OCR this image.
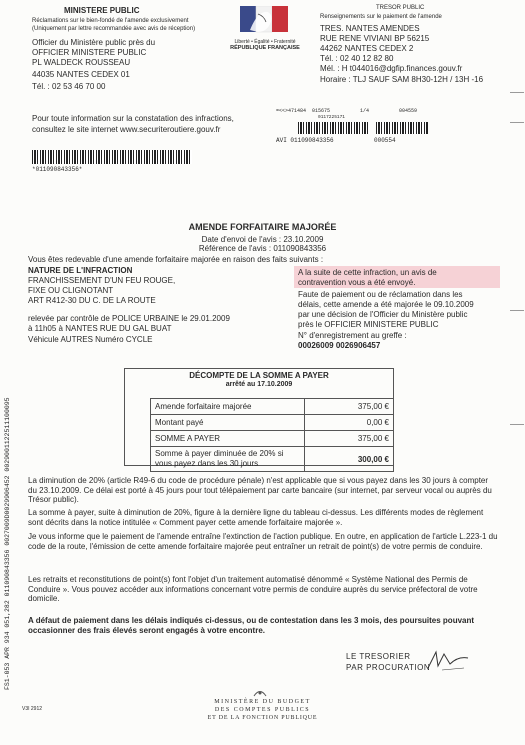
MINISTERE PUBLIC
Réclamations sur le bien-fondé de l'amende exclusivement
(Uniquement par lettre recommandée avec avis de réception)
Officier du Ministère public près du
OFFICIER MINISTERE PUBLIC
PL WALDECK ROUSSEAU
44035 NANTES CEDEX 01
Tél. : 02 53 46 70 00
Liberté • Égalité • Fraternité
RÉPUBLIQUE FRANÇAISE
TRESOR PUBLIC
Renseignements sur le paiement de l'amende
TRES. NANTES AMENDES
RUE RENE VIVIANI BP 56215
44262 NANTES CEDEX 2
Tél. : 02 40 12 82 80
Mél. : H t044016@dgfip.finances.gouv.fr
Horaire : TLJ SAUF SAM 8H30-12H / 13H -16
Pour toute information sur la constatation des infractions,
consultez le site internet www.securiteroutiere.gouv.fr
=<<>471484  015675          1/4          004559
0117225171
AVI 011090843356	000554
*011090843356*
FS1-053 APR 934 051,282 011090843356 0027009D0029906452 0029001122511100095
AMENDE FORFAITAIRE MAJORÉE
Date d'envoi de l'avis : 23.10.2009
Référence de l'avis : 011090843356
Vous êtes redevable d'une amende forfaitaire majorée en raison des faits suivants :
NATURE DE L'INFRACTION
FRANCHISSEMENT D'UN FEU ROUGE,
FIXE OU CLIGNOTANT
ART R412-30 DU C. DE LA ROUTE
relevée par contrôle de POLICE URBAINE le 29.01.2009
à 11h05 à NANTES RUE DU GAL BUAT
Véhicule AUTRES Numéro CYCLE
A la suite de cette infraction, un avis de
contravention vous a été envoyé.
Faute de paiement ou de réclamation dans les
délais, cette amende a été majorée le 09.10.2009
par une décision de l'Officier du Ministère public
près le OFFICIER MINISTERE PUBLIC
N° d'enregistrement au greffe :
00026009 0026906457
DÉCOMPTE DE LA SOMME A PAYER
arrêté au 17.10.2009
Amende forfaitaire majorée	375,00 €
Montant payé	0,00 €
SOMME A PAYER	375,00 €
Somme à payer diminuée de 20% si vous payez dans les 30 jours	300,00 €

La diminution de 20% (article R49-6 du code de procédure pénale) n'est applicable que si vous payez dans les 30 jours à compter du 23.10.2009. Ce délai est porté à 45 jours pour tout télépaiement par carte bancaire (sur internet, par serveur vocal ou auprès du Trésor public).

La somme à payer, suite à diminution de 20%, figure à la dernière ligne du tableau ci-dessus. Les différents modes de règlement sont décrits dans la notice intitulée « Comment payer cette amende forfaitaire majorée ».

Je vous informe que le paiement de l'amende entraîne l'extinction de l'action publique. En outre, en application de l'article L.223-1 du code de la route, l'émission de cette amende forfaitaire majorée peut entraîner un retrait de point(s) de votre permis de conduire.

Les retraits et reconstitutions de point(s) font l'objet d'un traitement automatisé dénommé « Système National des Permis de Conduire ». Vous pouvez accéder aux informations concernant votre permis de conduire auprès du service préfectoral de votre domicile.

A défaut de paiement dans les délais indiqués ci-dessus, ou de contestation dans les 3 mois, des poursuites pouvant occasionner des frais élevés seront engagés à votre encontre.

LE TRESORIER
PAR PROCURATION
V3I 2912
MINISTÈRE DU BUDGET
DES COMPTES PUBLICS
ET DE LA FONCTION PUBLIQUE
